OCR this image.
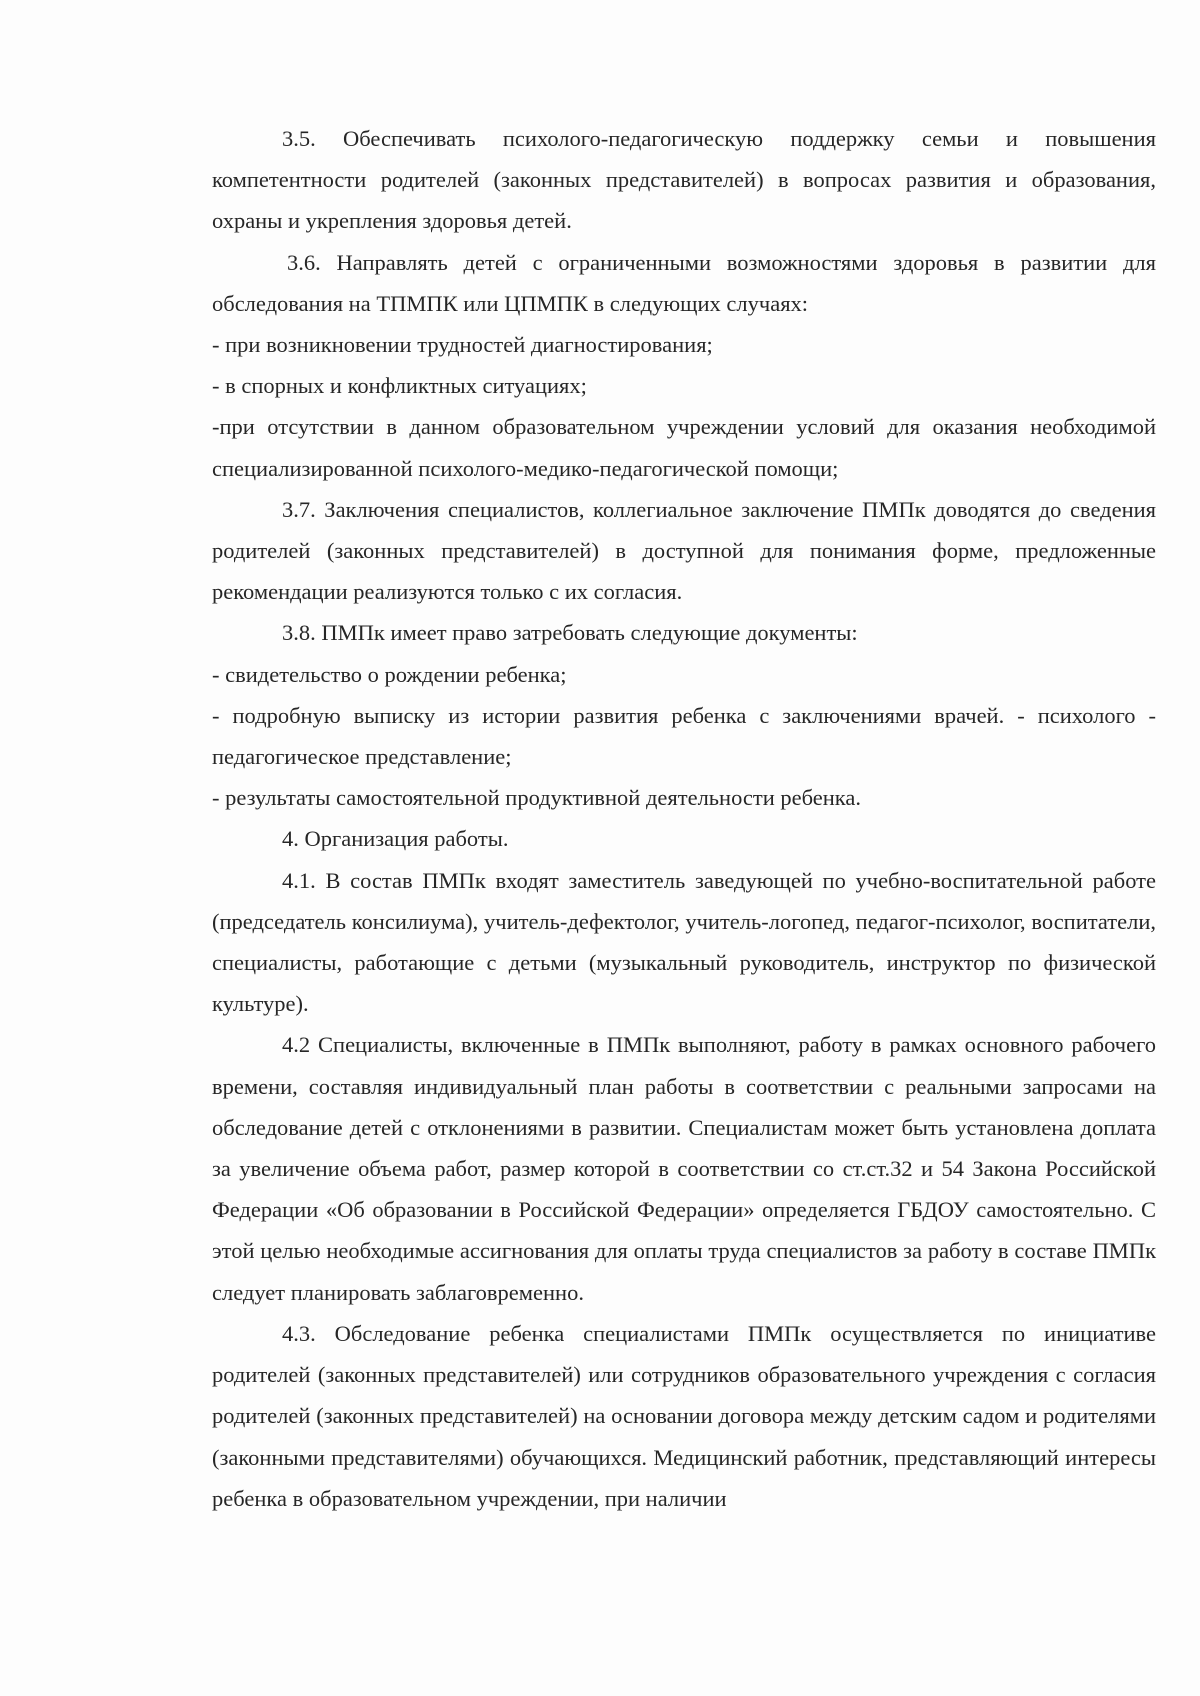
3.5. Обеспечивать психолого-педагогическую поддержку семьи и повышения компетентности родителей (законных представителей) в вопросах развития и образования, охраны и укрепления здоровья детей.

3.6. Направлять детей с ограниченными возможностями здоровья в развитии для обследования на ТПМПК или ЦПМПК в следующих случаях:

- при возникновении трудностей диагностирования;

- в спорных и конфликтных ситуациях;

-при отсутствии в данном образовательном учреждении условий для оказания необходимой специализированной психолого-медико-педагогической помощи;

3.7. Заключения специалистов, коллегиальное заключение ПМПк доводятся до сведения родителей (законных представителей) в доступной для понимания форме, предложенные рекомендации реализуются только с их согласия.

3.8. ПМПк имеет право затребовать следующие документы:

- свидетельство о рождении ребенка;

- подробную выписку из истории развития ребенка с заключениями врачей. - психолого - педагогическое представление;

- результаты самостоятельной продуктивной деятельности ребенка.

4. Организация работы.

4.1. В состав ПМПк входят заместитель заведующей по учебно-воспитательной работе (председатель консилиума), учитель-дефектолог, учитель-логопед, педагог-психолог, воспитатели, специалисты, работающие с детьми (музыкальный руководитель, инструктор по физической культуре).

4.2 Специалисты, включенные в ПМПк выполняют, работу в рамках основного рабочего времени, составляя индивидуальный план работы в соответствии с реальными запросами на обследование детей с отклонениями в развитии. Специалистам может быть установлена доплата за увеличение объема работ, размер которой в соответствии со ст.ст.32 и 54 Закона Российской Федерации «Об образовании в Российской Федерации» определяется ГБДОУ самостоятельно. С этой целью необходимые ассигнования для оплаты труда специалистов за работу в составе ПМПк следует планировать заблаговременно.

4.3. Обследование ребенка специалистами ПМПк осуществляется по инициативе родителей (законных представителей) или сотрудников образовательного учреждения с согласия родителей (законных представителей) на основании договора между детским садом и родителями (законными представителями) обучающихся. Медицинский работник, представляющий интересы ребенка в образовательном учреждении, при наличии
